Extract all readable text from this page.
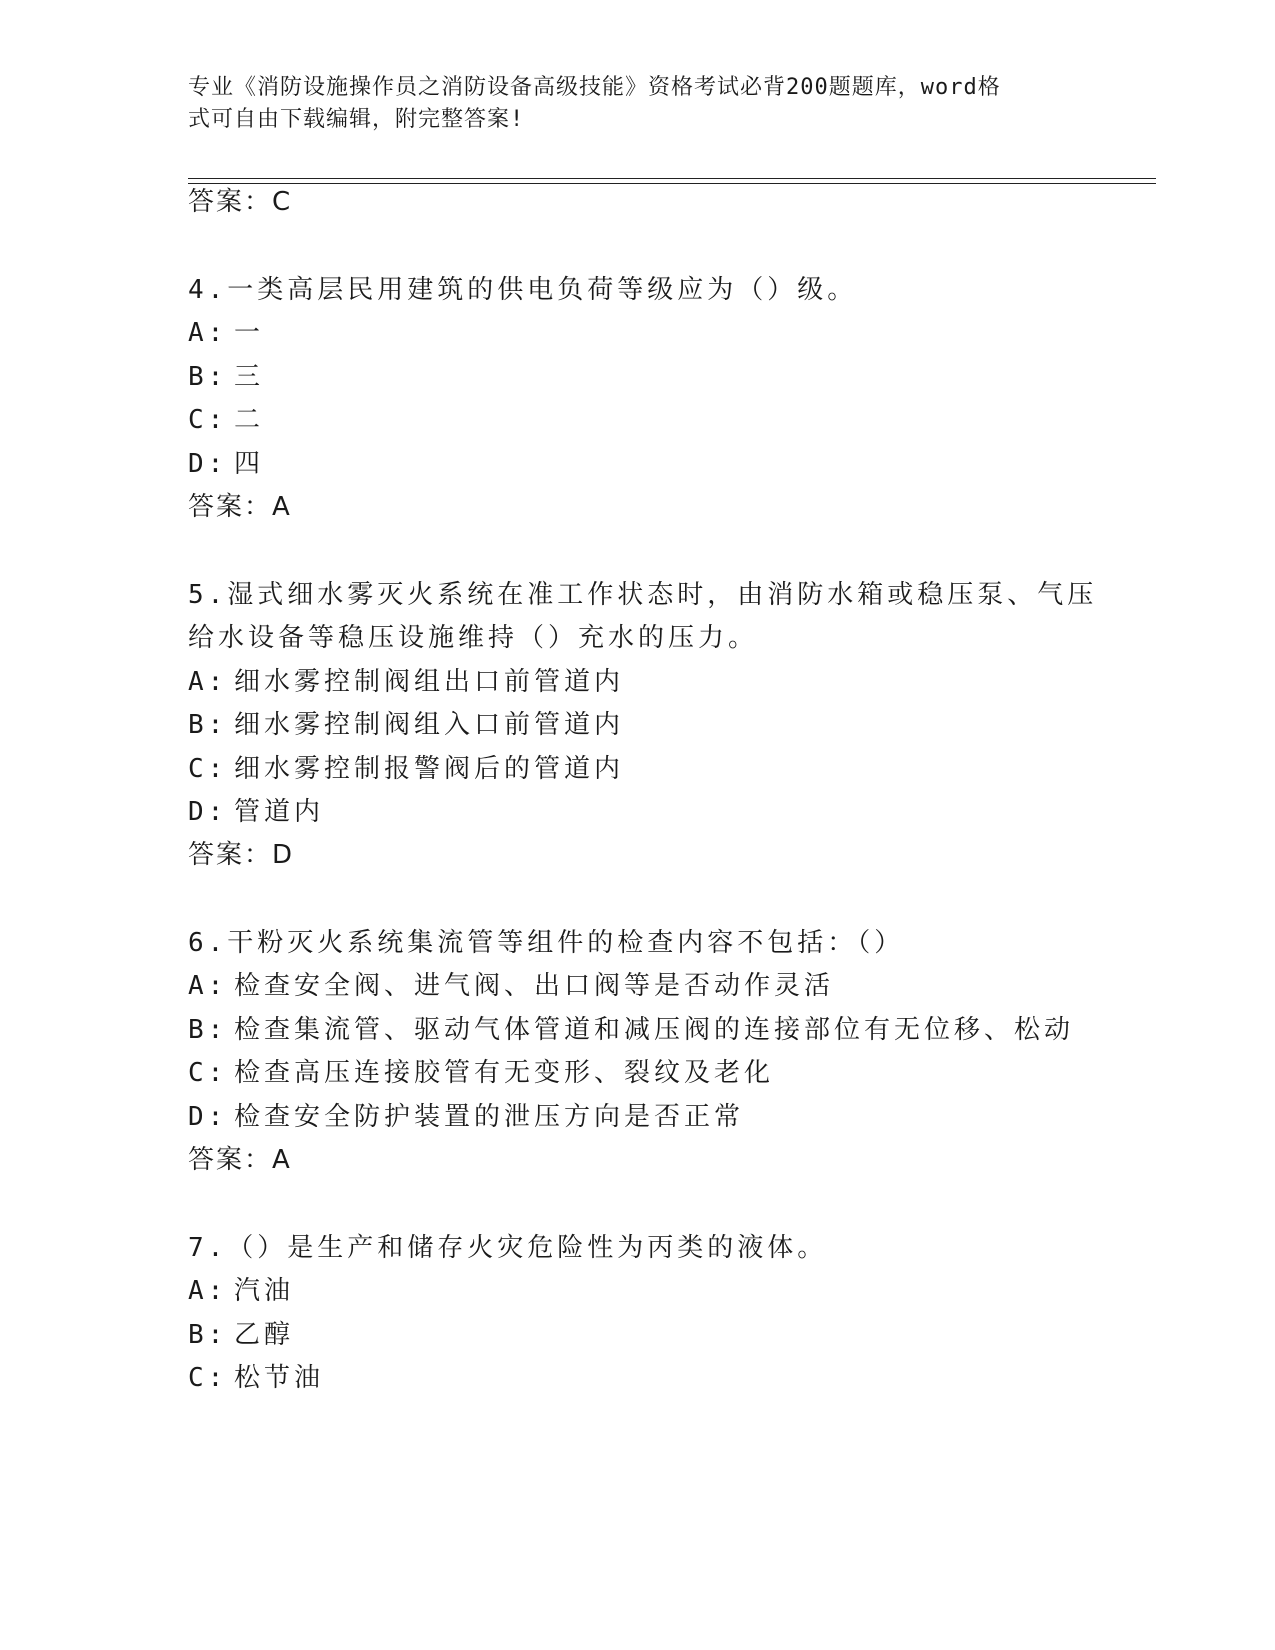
专业《消防设施操作员之消防设备高级技能》资格考试必背200题题库，word格
式可自由下载编辑，附完整答案!
答案：C
4.一类高层民用建筑的供电负荷等级应为（）级。
A: 一
B: 三
C: 二
D: 四
答案：A
5.湿式细水雾灭火系统在准工作状态时，由消防水箱或稳压泵、气压
给水设备等稳压设施维持（）充水的压力。
A: 细水雾控制阀组出口前管道内
B: 细水雾控制阀组入口前管道内
C: 细水雾控制报警阀后的管道内
D: 管道内
答案：D
6.干粉灭火系统集流管等组件的检查内容不包括：（）
A: 检查安全阀、进气阀、出口阀等是否动作灵活
B: 检查集流管、驱动气体管道和减压阀的连接部位有无位移、松动
C: 检查高压连接胶管有无变形、裂纹及老化
D: 检查安全防护装置的泄压方向是否正常
答案：A
7.（）是生产和储存火灾危险性为丙类的液体。
A: 汽油
B: 乙醇
C: 松节油
